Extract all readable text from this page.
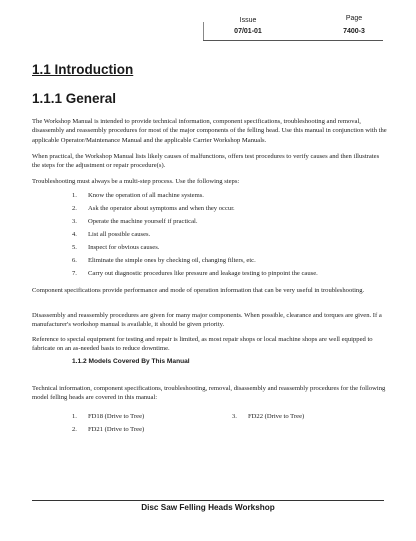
Issue
07/01-01
Page
7400-3
1.1 Introduction
1.1.1 General
The Workshop Manual is intended to provide technical information, component specifications, troubleshooting and removal, disassembly and reassembly procedures for most of the major components of the felling head. Use this manual in conjunction with the applicable Operator/Maintenance Manual and the applicable Carrier Workshop Manuals.
When practical, the Workshop Manual lists likely causes of malfunctions, offers test procedures to verify causes and then illustrates the steps for the adjustment or repair procedure(s).
Troubleshooting must always be a multi-step process. Use the following steps:
1. Know the operation of all machine systems.
2. Ask the operator about symptoms and when they occur.
3. Operate the machine yourself if practical.
4. List all possible causes.
5. Inspect for obvious causes.
6. Eliminate the simple ones by checking oil, changing filters, etc.
7. Carry out diagnostic procedures like pressure and leakage testing to pinpoint the cause.
Component specifications provide performance and mode of operation information that can be very useful in troubleshooting.
Disassembly and reassembly procedures are given for many major components. When possible, clearance and torques are given. If a manufacturer's workshop manual is available, it should be given priority.
Reference to special equipment for testing and repair is limited, as most repair shops or local machine shops are well equipped to fabricate on an as-needed basis to reduce downtime.
1.1.2 Models Covered By This Manual
Technical information, component specifications, troubleshooting, removal, disassembly and reassembly procedures for the following model felling heads are covered in this manual:
1. FD18 (Drive to Tree)
2. FD21 (Drive to Tree)
3. FD22 (Drive to Tree)
Disc Saw Felling Heads Workshop
